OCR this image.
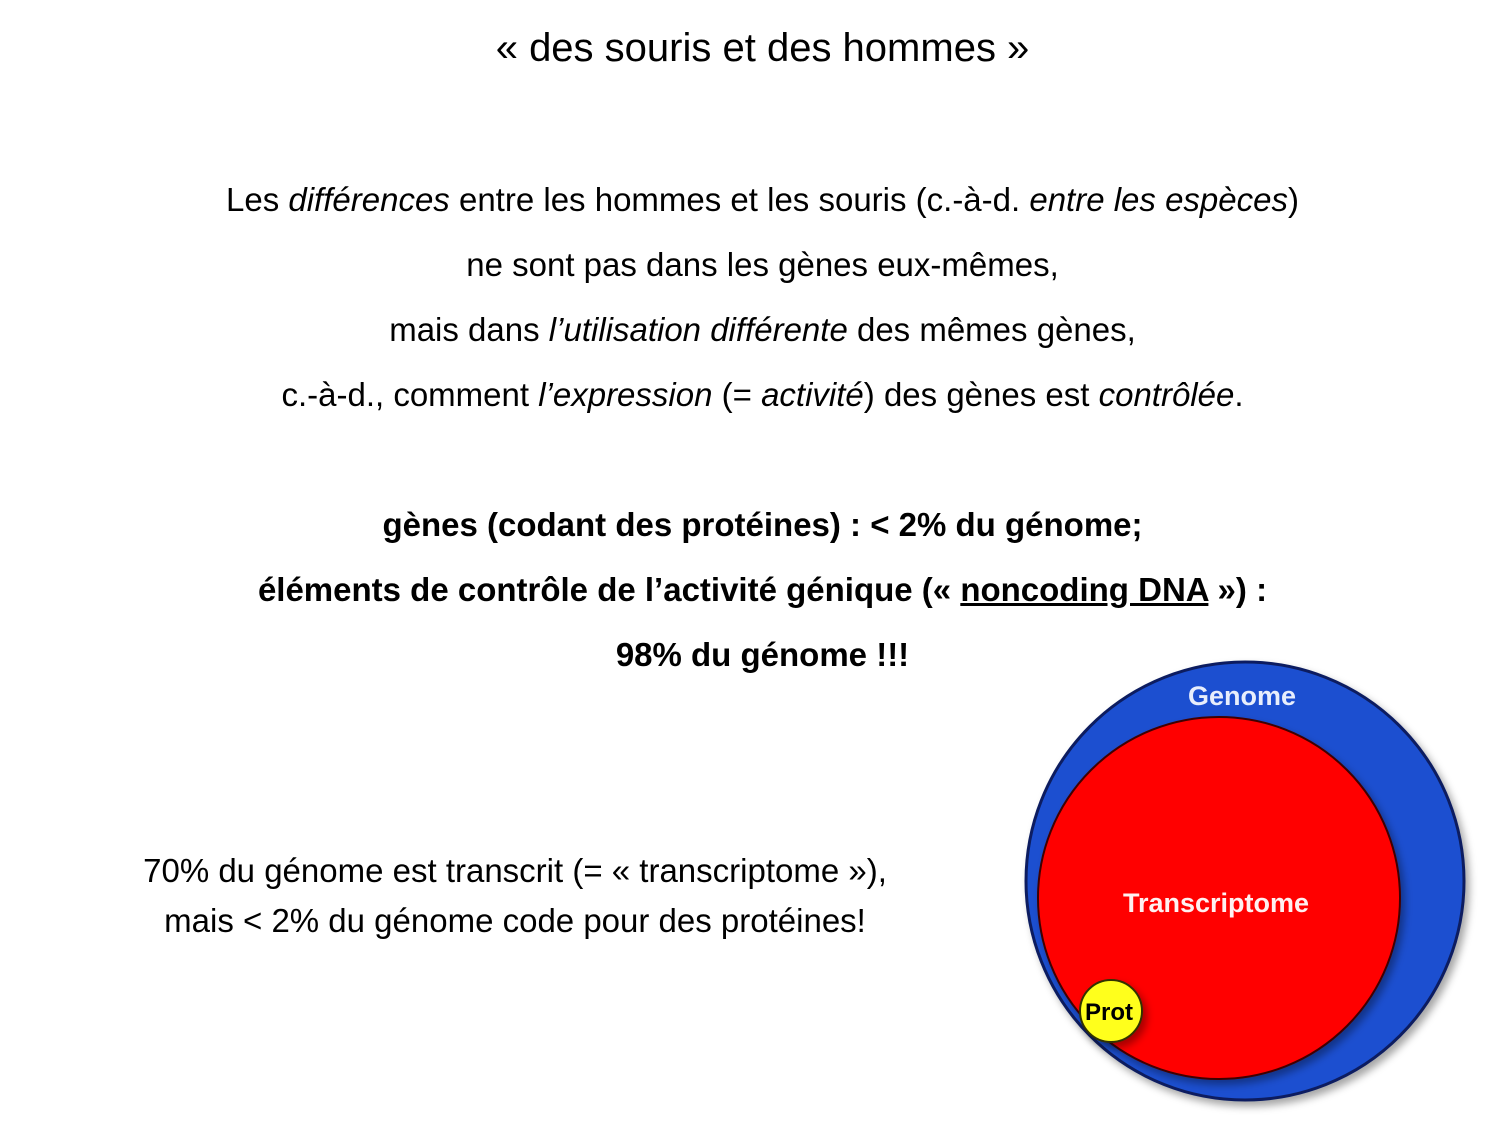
« des souris et des hommes »
Les différences entre les hommes et les souris (c.-à-d. entre les espèces)
ne sont pas dans les gènes eux-mêmes,
mais dans l’utilisation différente des mêmes gènes,
c.-à-d., comment l’expression (= activité) des gènes est contrôlée.
gènes (codant des protéines) : < 2% du génome;
éléments de contrôle de l’activité génique (« noncoding DNA ») :
98% du génome !!!
70% du génome est transcrit (= « transcriptome »),
mais < 2% du génome code pour des protéines!
Genome
Transcriptome
Prot
